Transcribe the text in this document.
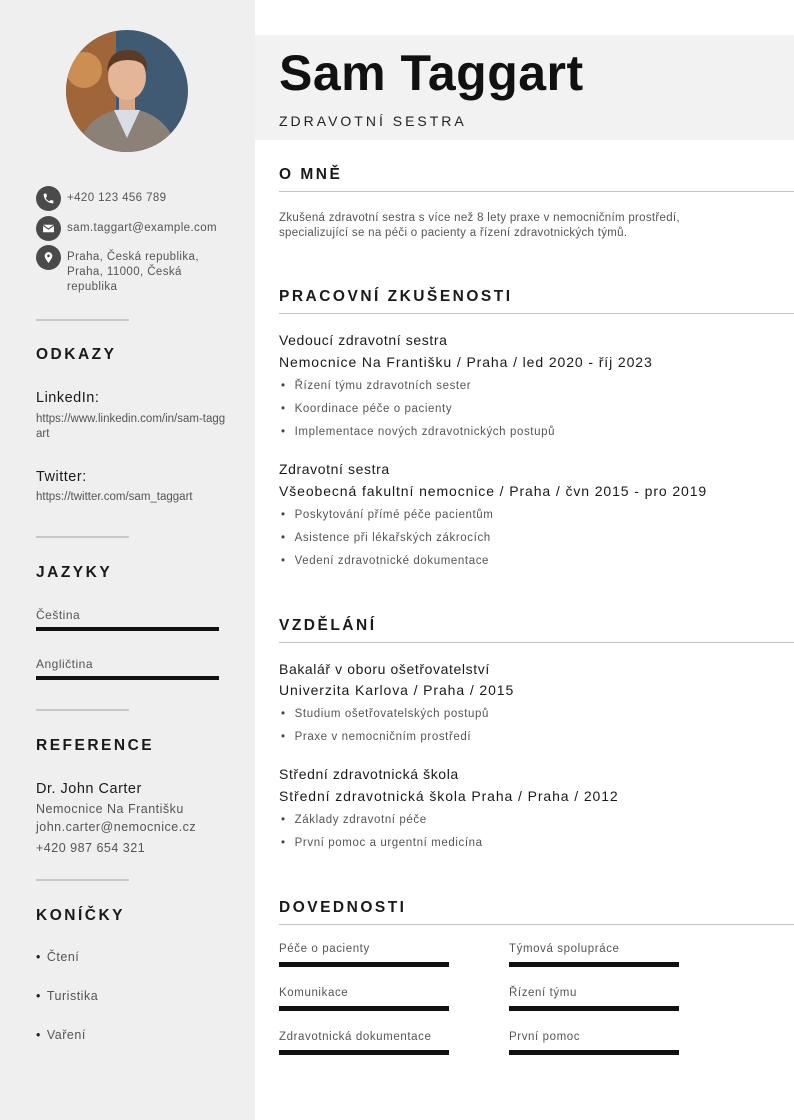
+420 123 456 789
sam.taggart@example.com
Praha, Česká republika, Praha, 11000, Česká republika
ODKAZY
LinkedIn:
https://www.linkedin.com/in/sam-taggart
Twitter:
https://twitter.com/sam_taggart
JAZYKY
Čeština
Angličtina
REFERENCE
Dr. John Carter
Nemocnice Na Františku
john.carter@nemocnice.cz
+420 987 654 321
KONÍČKY
• Čtení
• Turistika
• Vaření
Sam Taggart
ZDRAVOTNÍ SESTRA
O MNĚ
Zkušená zdravotní sestra s více než 8 lety praxe v nemocničním prostředí, specializující se na péči o pacienty a řízení zdravotnických týmů.
PRACOVNÍ ZKUŠENOSTI
Vedoucí zdravotní sestra
Nemocnice Na Františku / Praha / led 2020 - říj 2023
• Řízení týmu zdravotních sester
• Koordinace péče o pacienty
• Implementace nových zdravotnických postupů
Zdravotní sestra
Všeobecná fakultní nemocnice / Praha / čvn 2015 - pro 2019
• Poskytování přímé péče pacientům
• Asistence při lékařských zákrocích
• Vedení zdravotnické dokumentace
VZDĚLÁNÍ
Bakalář v oboru ošetřovatelství
Univerzita Karlova / Praha / 2015
• Studium ošetřovatelských postupů
• Praxe v nemocničním prostředí
Střední zdravotnická škola
Střední zdravotnická škola Praha / Praha / 2012
• Základy zdravotní péče
• První pomoc a urgentní medicína
DOVEDNOSTI
Péče o pacienty	Týmová spolupráce
Komunikace	Řízení týmu
Zdravotnická dokumentace	První pomoc
